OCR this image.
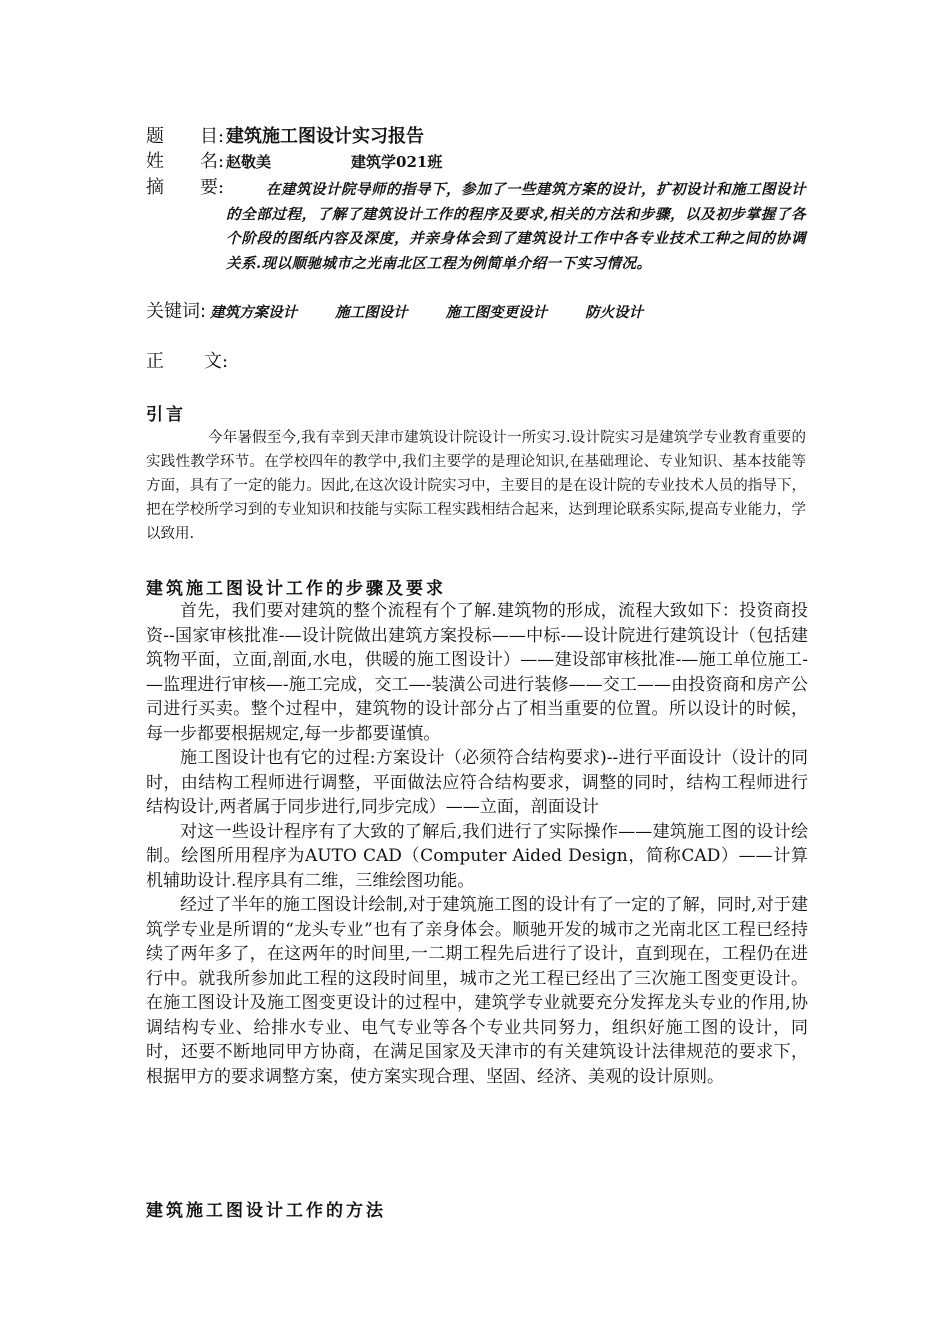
题　　目: 建筑施工图设计实习报告
姓　　名: 赵敬美	建筑学021班
摘　　要:	在建筑设计院导师的指导下，参加了一些建筑方案的设计，扩初设计和施工图设计的全部过程，了解了建筑设计工作的程序及要求,相关的方法和步骤，以及初步掌握了各个阶段的图纸内容及深度，并亲身体会到了建筑设计工作中各专业技术工种之间的协调关系.现以顺驰城市之光南北区工程为例简单介绍一下实习情况。
关键词: 建筑方案设计	施工图设计	施工图变更设计	防火设计
正 文:
引言

今年暑假至今,我有幸到天津市建筑设计院设计一所实习.设计院实习是建筑学专业教育重要的实践性教学环节。在学校四年的教学中,我们主要学的是理论知识,在基础理论、专业知识、基本技能等方面，具有了一定的能力。因此,在这次设计院实习中，主要目的是在设计院的专业技术人员的指导下，把在学校所学习到的专业知识和技能与实际工程实践相结合起来，达到理论联系实际,提高专业能力，学以致用.

建筑施工图设计工作的步骤及要求

首先，我们要对建筑的整个流程有个了解.建筑物的形成，流程大致如下：投资商投资--国家审核批准-—设计院做出建筑方案投标——中标-—设计院进行建筑设计（包括建筑物平面，立面,剖面,水电，供暖的施工图设计）——建设部审核批准-—施工单位施工-—监理进行审核—-施工完成，交工—-装潢公司进行装修——交工——由投资商和房产公司进行买卖。整个过程中，建筑物的设计部分占了相当重要的位置。所以设计的时候，每一步都要根据规定,每一步都要谨慎。

施工图设计也有它的过程:方案设计（必须符合结构要求)--进行平面设计（设计的同时，由结构工程师进行调整，平面做法应符合结构要求，调整的同时，结构工程师进行结构设计,两者属于同步进行,同步完成）——立面，剖面设计

对这一些设计程序有了大致的了解后,我们进行了实际操作——建筑施工图的设计绘制。绘图所用程序为AUTO CAD（Computer Aided Design，简称CAD）——计算机辅助设计.程序具有二维，三维绘图功能。

经过了半年的施工图设计绘制,对于建筑施工图的设计有了一定的了解，同时,对于建筑学专业是所谓的“龙头专业”也有了亲身体会。顺驰开发的城市之光南北区工程已经持续了两年多了，在这两年的时间里,一二期工程先后进行了设计，直到现在，工程仍在进行中。就我所参加此工程的这段时间里，城市之光工程已经出了三次施工图变更设计。在施工图设计及施工图变更设计的过程中，建筑学专业就要充分发挥龙头专业的作用,协调结构专业、给排水专业、电气专业等各个专业共同努力，组织好施工图的设计，同时，还要不断地同甲方协商，在满足国家及天津市的有关建筑设计法律规范的要求下，根据甲方的要求调整方案，使方案实现合理、坚固、经济、美观的设计原则。

建筑施工图设计工作的方法
